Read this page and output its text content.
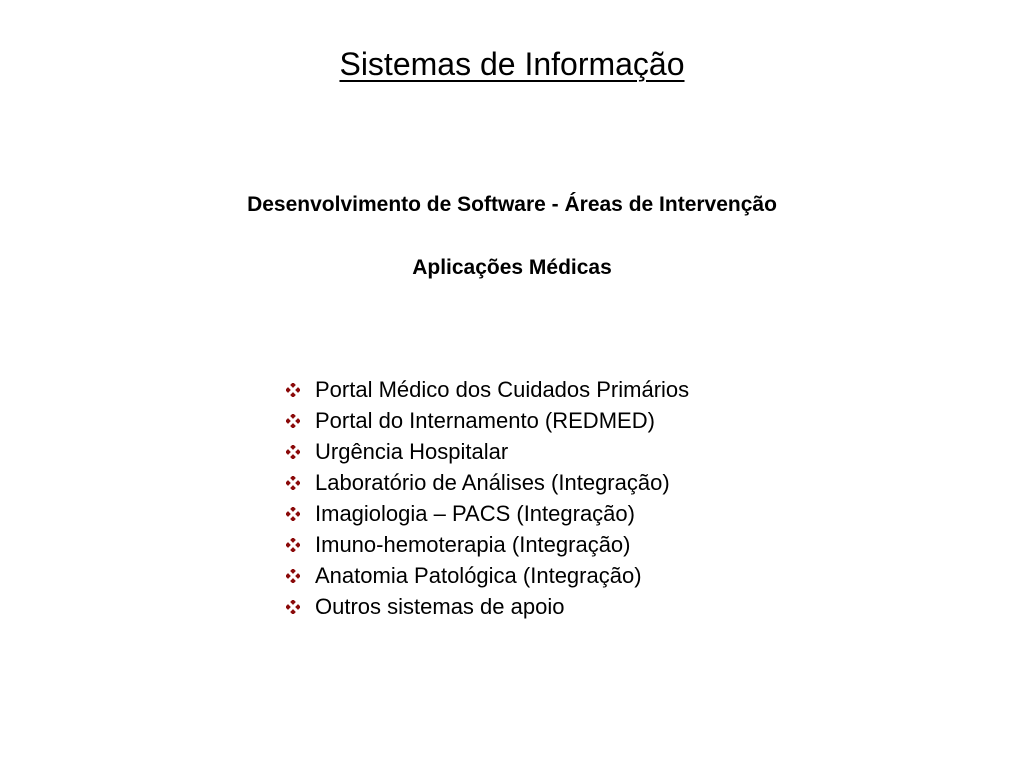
Sistemas de Informação
Desenvolvimento de Software - Áreas de Intervenção
Aplicações Médicas
Portal Médico dos Cuidados Primários
Portal do Internamento (REDMED)
Urgência Hospitalar
Laboratório de Análises (Integração)
Imagiologia – PACS (Integração)
Imuno-hemoterapia (Integração)
Anatomia Patológica (Integração)
Outros sistemas de apoio
